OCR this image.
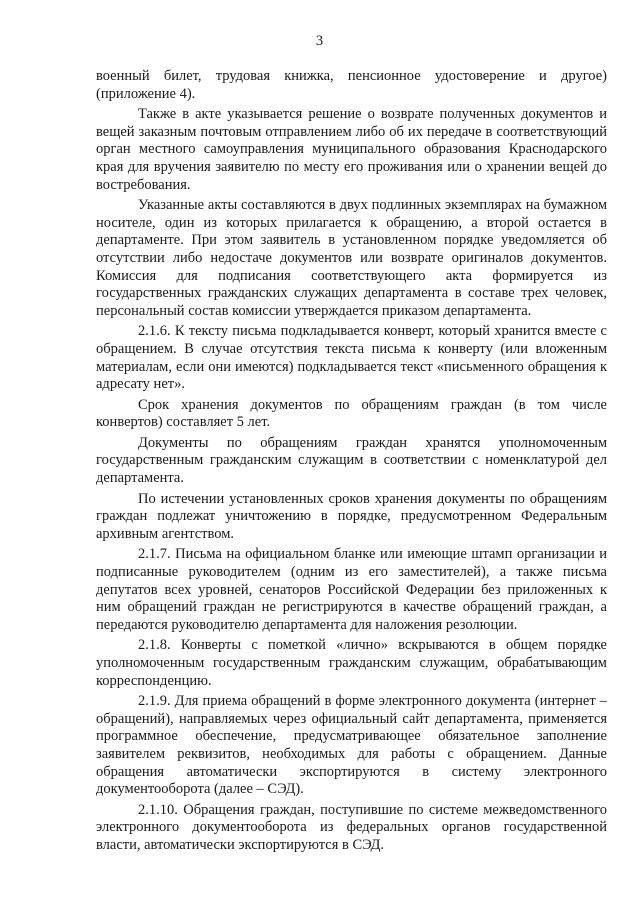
3

военный билет, трудовая книжка, пенсионное удостоверение и другое) (приложение 4).

Также в акте указывается решение о возврате полученных документов и вещей заказным почтовым отправлением либо об их передаче в соответствующий орган местного самоуправления муниципального образования Краснодарского края для вручения заявителю по месту его проживания или о хранении вещей до востребования.

Указанные акты составляются в двух подлинных экземплярах на бумажном носителе, один из которых прилагается к обращению, а второй остается в департаменте. При этом заявитель в установленном порядке уведомляется об отсутствии либо недостаче документов или возврате оригиналов документов. Комиссия для подписания соответствующего акта формируется из государственных гражданских служащих департамента в составе трех человек, персональный состав комиссии утверждается приказом департамента.

2.1.6. К тексту письма подкладывается конверт, который хранится вместе с обращением. В случае отсутствия текста письма к конверту (или вложенным материалам, если они имеются) подкладывается текст «письменного обращения к адресату нет».

Срок хранения документов по обращениям граждан (в том числе конвертов) составляет 5 лет.

Документы по обращениям граждан хранятся уполномоченным государственным гражданским служащим в соответствии с номенклатурой дел департамента.

По истечении установленных сроков хранения документы по обращениям граждан подлежат уничтожению в порядке, предусмотренном Федеральным архивным агентством.

2.1.7. Письма на официальном бланке или имеющие штамп организации и подписанные руководителем (одним из его заместителей), а также письма депутатов всех уровней, сенаторов Российской Федерации без приложенных к ним обращений граждан не регистрируются в качестве обращений граждан, а передаются руководителю департамента для наложения резолюции.

2.1.8. Конверты с пометкой «лично» вскрываются в общем порядке уполномоченным государственным гражданским служащим, обрабатывающим корреспонденцию.

2.1.9. Для приема обращений в форме электронного документа (интернет – обращений), направляемых через официальный сайт департамента, применяется программное обеспечение, предусматривающее обязательное заполнение заявителем реквизитов, необходимых для работы с обращением. Данные обращения автоматически экспортируются в систему электронного документооборота (далее – СЭД).

2.1.10. Обращения граждан, поступившие по системе межведомственного электронного документооборота из федеральных органов государственной власти, автоматически экспортируются в СЭД.
